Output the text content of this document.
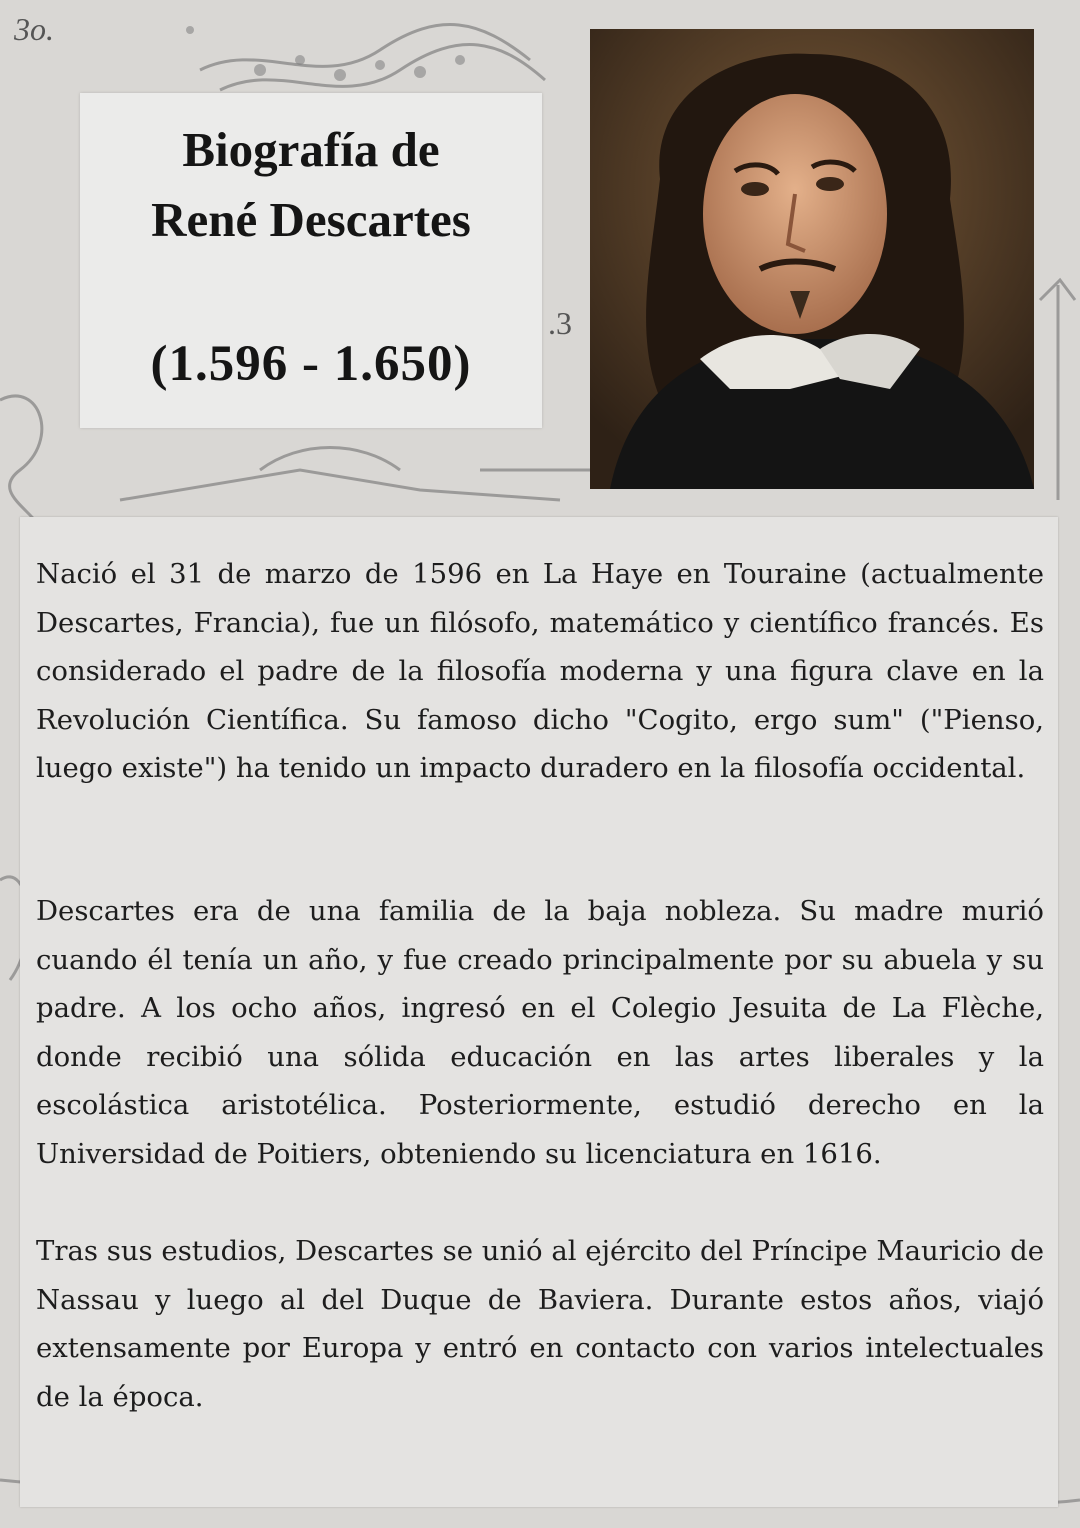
3o.
.3
Biografía de
René Descartes
(1.596 - 1.650)

Nació el 31 de marzo de 1596 en La Haye en Touraine (actualmente Descartes, Francia), fue un filósofo, matemático y científico francés. Es considerado el padre de la filosofía moderna y una figura clave en la Revolución Científica. Su famoso dicho "Cogito, ergo sum" ("Pienso, luego existe") ha tenido un impacto duradero en la filosofía occidental.

Descartes era de una familia de la baja nobleza. Su madre murió cuando él tenía un año, y fue creado principalmente por su abuela y su padre. A los ocho años, ingresó en el Colegio Jesuita de La Flèche, donde recibió una sólida educación en las artes liberales y la escolástica aristotélica. Posteriormente, estudió derecho en la Universidad de Poitiers, obteniendo su licenciatura en 1616.

Tras sus estudios, Descartes se unió al ejército del Príncipe Mauricio de Nassau y luego al del Duque de Baviera. Durante estos años, viajó extensamente por Europa y entró en contacto con varios intelectuales de la época.
